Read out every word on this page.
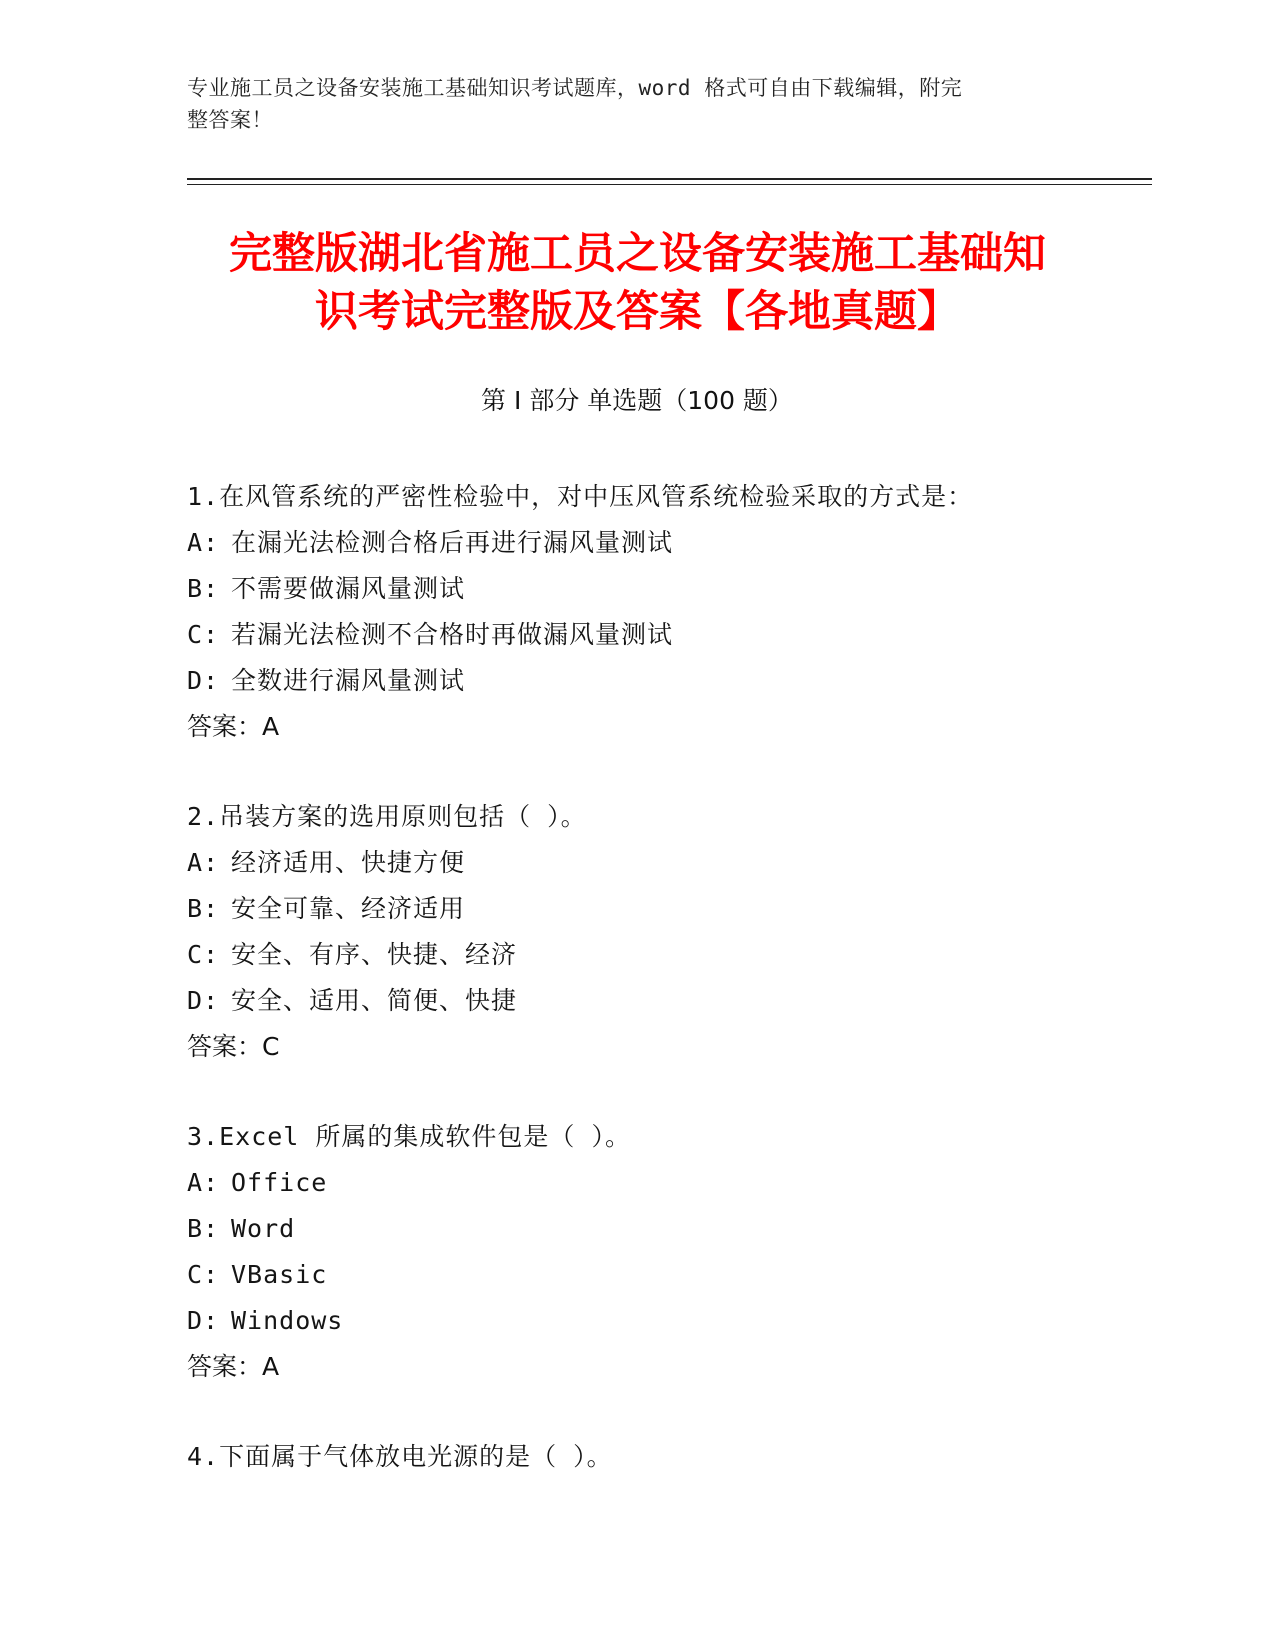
专业施工员之设备安装施工基础知识考试题库，word 格式可自由下载编辑，附完
整答案！
完整版湖北省施工员之设备安装施工基础知
识考试完整版及答案【各地真题】
第 I 部分 单选题（100 题）
1.在风管系统的严密性检验中，对中压风管系统检验采取的方式是：
A: 在漏光法检测合格后再进行漏风量测试
B: 不需要做漏风量测试
C: 若漏光法检测不合格时再做漏风量测试
D: 全数进行漏风量测试
答案：A
2.吊装方案的选用原则包括（ ）。
A: 经济适用、快捷方便
B: 安全可靠、经济适用
C: 安全、有序、快捷、经济
D: 安全、适用、简便、快捷
答案：C
3.Excel 所属的集成软件包是（ ）。
A: Office
B: Word
C: VBasic
D: Windows
答案：A
4.下面属于气体放电光源的是（ ）。
